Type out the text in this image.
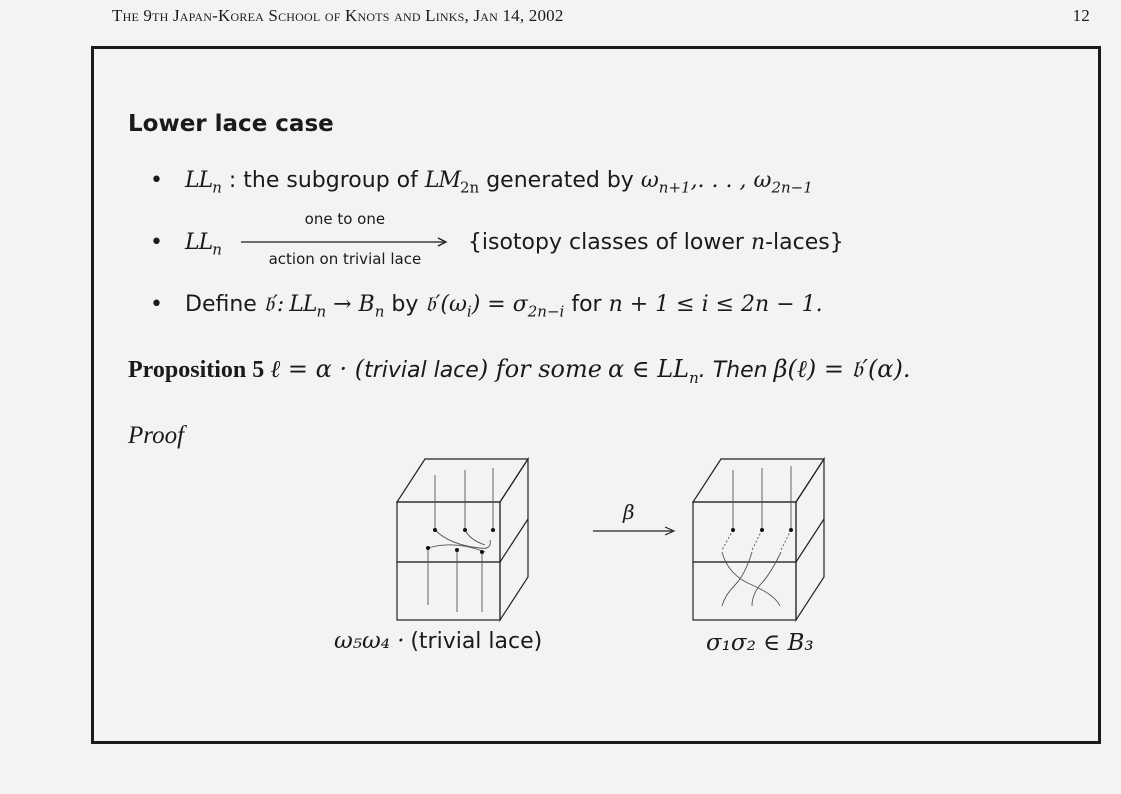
The 9th Japan-Korea School of Knots and Links, Jan 14, 2002	12
Lower lace case
• $LL_n$ : the subgroup of $LM_{2n}$ generated by $\omega_{n+1}$,. . . , $\omega_{2n-1}$
• $LL_n$
one to one
action on trivial lace
{isotopy classes of lower n-laces}
• Define 𝔟′: $LL_n \to B_n$ by $𝔟'(\omega_i) = \sigma_{2n-i}$ for n + 1 ≤ i ≤ 2n − 1.
Proposition 5 ℓ = α · (trivial lace) for some α ∈ $LL_n$. Then β(ℓ) = 𝔟′(α).
Proof
β
ω₅ω₄ · (trivial lace)	σ₁σ₂ ∈ B₃
